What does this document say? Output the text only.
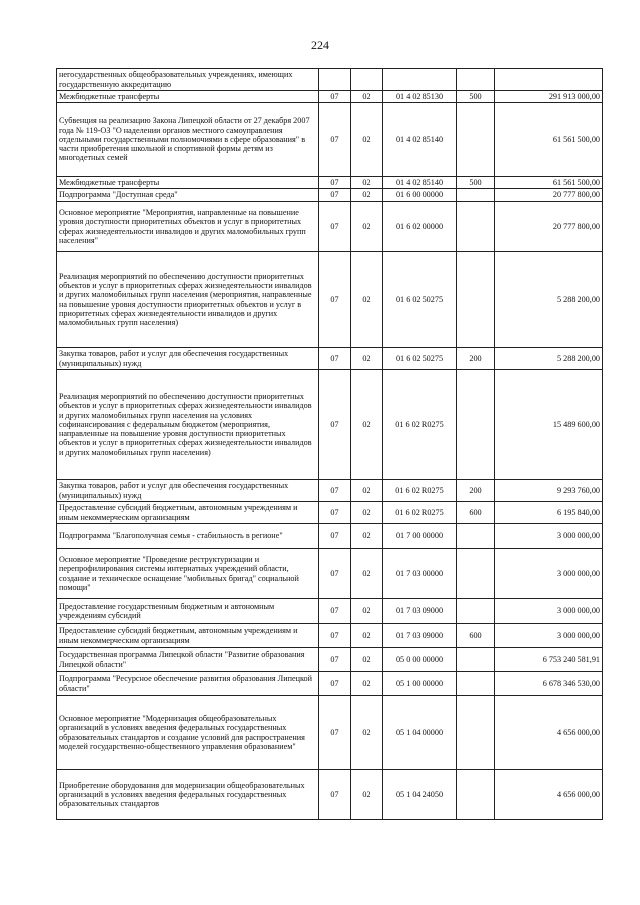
224
негосударственных общеобразовательных учреждениях, имеющих государственную аккредитацию					
Межбюджетные трансферты	07	02	01 4 02 85130	500	291 913 000,00
Субвенция на реализацию Закона Липецкой области от 27 декабря 2007 года № 119-ОЗ "О наделении органов местного самоуправления отдельными государственными полномочиями в сфере образования" в части приобретения школьной и спортивной формы детям из многодетных семей	07	02	01 4 02 85140		61 561 500,00
Межбюджетные трансферты	07	02	01 4 02 85140	500	61 561 500,00
Подпрограмма "Доступная среда"	07	02	01 6 00 00000		20 777 800,00
Основное мероприятие "Мероприятия, направленные на повышение уровня доступности приоритетных объектов и услуг в приоритетных сферах жизнедеятельности инвалидов и других маломобильных групп населения"	07	02	01 6 02 00000		20 777 800,00
Реализация мероприятий по обеспечению доступности приоритетных объектов и услуг в приоритетных сферах жизнедеятельности инвалидов и других маломобильных групп населения (мероприятия, направленные на повышение уровня доступности приоритетных объектов и услуг в приоритетных сферах жизнедеятельности инвалидов и других маломобильных групп населения)	07	02	01 6 02 50275		5 288 200,00
Закупка товаров, работ и услуг для обеспечения государственных (муниципальных) нужд	07	02	01 6 02 50275	200	5 288 200,00
Реализация мероприятий по обеспечению доступности приоритетных объектов и услуг в приоритетных сферах жизнедеятельности инвалидов и других маломобильных групп населения на условиях софинансирования с федеральным бюджетом (мероприятия, направленные на повышение уровня доступности приоритетных объектов и услуг в приоритетных сферах жизнедеятельности инвалидов и других маломобильных групп населения)	07	02	01 6 02 R0275		15 489 600,00
Закупка товаров, работ и услуг для обеспечения государственных (муниципальных) нужд	07	02	01 6 02 R0275	200	9 293 760,00
Предоставление субсидий бюджетным, автономным учреждениям и иным некоммерческим организациям	07	02	01 6 02 R0275	600	6 195 840,00
Подпрограмма "Благополучная семья - стабильность в регионе"	07	02	01 7 00 00000		3 000 000,00
Основное мероприятие "Проведение реструктуризации и перепрофилирования системы интернатных учреждений области, создание и техническое оснащение "мобильных бригад" социальной помощи"	07	02	01 7 03 00000		3 000 000,00
Предоставление государственным бюджетным и автономным учреждениям субсидий	07	02	01 7 03 09000		3 000 000,00
Предоставление субсидий бюджетным, автономным учреждениям и иным некоммерческим организациям	07	02	01 7 03 09000	600	3 000 000,00
Государственная программа Липецкой области "Развитие образования Липецкой области"	07	02	05 0 00 00000		6 753 240 581,91
Подпрограмма "Ресурсное обеспечение развития образования Липецкой области"	07	02	05 1 00 00000		6 678 346 530,00
Основное мероприятие "Модернизация общеобразовательных организаций в условиях введения федеральных государственных образовательных стандартов и создание условий для распространения моделей государственно-общественного управления образованием"	07	02	05 1 04 00000		4 656 000,00
Приобретение оборудования для модернизации общеобразовательных организаций в условиях введения федеральных государственных образовательных стандартов	07	02	05 1 04 24050		4 656 000,00
